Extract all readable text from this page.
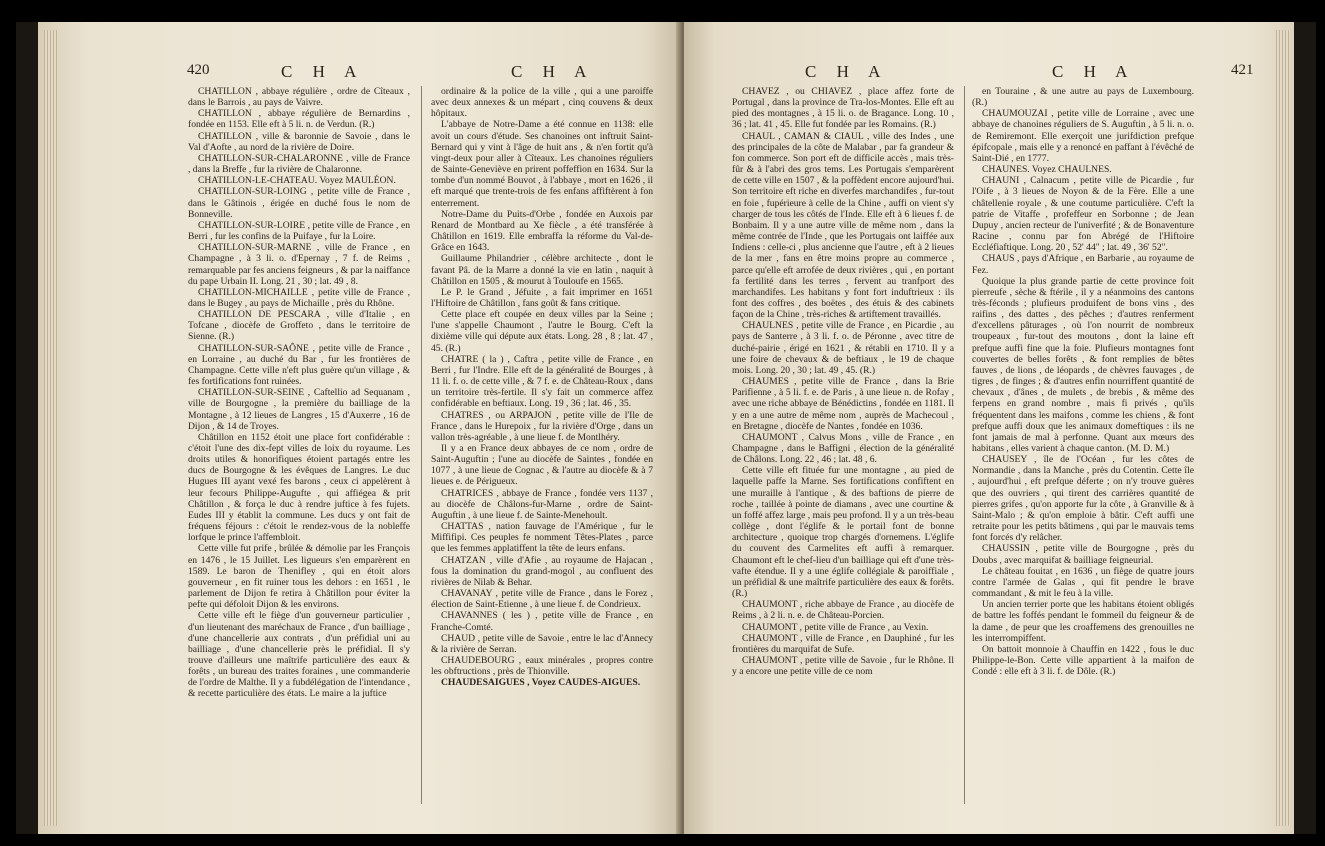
420	C H A	C H A

CHATILLON , abbaye régulière , ordre de Cîteaux , dans le Barrois , au pays de Vaivre.

CHATILLON , abbaye régulière de Bernardins , fondée en 1153. Elle eft à 5 li. n. de Verdun. (R.)

CHATILLON , ville & baronnie de Savoie , dans le Val d'Aofte , au nord de la rivière de Doire.

CHATILLON-SUR-CHALARONNE , ville de France , dans la Breffe , fur la rivière de Chalaronne.

CHATILLON-LE-CHATEAU. Voyez MAULÉON.

CHATILLON-SUR-LOING , petite ville de France , dans le Gâtinois , érigée en duché fous le nom de Bonneville.

CHATILLON-SUR-LOIRE , petite ville de France , en Berri , fur les confins de la Puifaye , fur la Loire.

CHATILLON-SUR-MARNE , ville de France , en Champagne , à 3 li. o. d'Epernay , 7 f. de Reims , remarquable par fes anciens feigneurs , & par la naiffance du pape Urbain II. Long. 21 , 30 ; lat. 49 , 8.

CHATILLON-MICHAILLE , petite ville de France , dans le Bugey , au pays de Michaille , près du Rhône.

CHATILLON DE PESCARA , ville d'Italie , en Tofcane , diocèfe de Groffeto , dans le territoire de Sienne. (R.)

CHATILLON-SUR-SAÔNE , petite ville de France , en Lorraine , au duché du Bar , fur les frontières de Champagne. Cette ville n'eft plus guère qu'un village , & fes fortifications font ruinées.

CHATILLON-SUR-SEINE , Caftellio ad Sequanam , ville de Bourgogne , la première du bailliage de la Montagne , à 12 lieues de Langres , 15 d'Auxerre , 16 de Dijon , & 14 de Troyes.

Châtillon en 1152 étoit une place fort confidérable : c'étoit l'une des dix-fept villes de loix du royaume. Les droits utiles & honorifiques étoient partagés entre les ducs de Bourgogne & les évêques de Langres. Le duc Hugues III ayant vexé fes barons , ceux ci appelèrent à leur fecours Philippe-Augufte , qui affiégea & prit Châtillon , & força le duc à rendre juftice à fes fujets. Eudes III y établit la commune. Les ducs y ont fait de fréquens féjours : c'étoit le rendez-vous de la nobleffe lorfque le prince l'affembloit.

Cette ville fut prife , brûlée & démolie par les François en 1476 , le 15 Juillet. Les ligueurs s'en emparèrent en 1589. Le baron de Thenifley , qui en étoit alors gouverneur , en fit ruiner tous les dehors : en 1651 , le parlement de Dijon fe retira à Châtillon pour éviter la pefte qui défoloit Dijon & les environs.

Cette ville eft le fiège d'un gouverneur particulier , d'un lieutenant des maréchaux de France , d'un bailliage , d'une chancellerie aux contrats , d'un préfidial uni au bailliage , d'une chancellerie près le préfidial. Il s'y trouve d'ailleurs une maîtrife particulière des eaux & forêts , un bureau des traites foraines , une commanderie de l'ordre de Malthe. Il y a fubdélégation de l'intendance , & recette particulière des états. Le maire a la juftice

ordinaire & la police de la ville , qui a une paroiffe avec deux annexes & un mépart , cinq couvens & deux hôpitaux.

L'abbaye de Notre-Dame a été connue en 1138: elle avoit un cours d'étude. Ses chanoines ont inftruit Saint-Bernard qui y vint à l'âge de huit ans , & n'en fortit qu'à vingt-deux pour aller à Cîteaux. Les chanoines réguliers de Sainte-Geneviève en prirent poffeffion en 1634. Sur la tombe d'un nommé Bouvot , à l'abbaye , mort en 1626 , il eft marqué que trente-trois de fes enfans affiftèrent à fon enterrement.

Notre-Dame du Puits-d'Orbe , fondée en Auxois par Renard de Montbard au Xe fiècle , a été transférée à Châtillon en 1619. Elle embraffa la réforme du Val-de-Grâce en 1643.

Guillaume Philandrier , célèbre architecte , dont le favant Pâ. de la Marre a donné la vie en latin , naquit à Châtillon en 1505 , & mourut à Touloufe en 1565.

Le P. le Grand , Jéfuite , a fait imprimer en 1651 l'Hiftoire de Châtillon , fans goût & fans critique.

Cette place eft coupée en deux villes par la Seine ; l'une s'appelle Chaumont , l'autre le Bourg. C'eft la dixième ville qui députe aux états. Long. 28 , 8 ; lat. 47 , 45. (R.)

CHATRE ( la ) , Caftra , petite ville de France , en Berri , fur l'Indre. Elle eft de la généralité de Bourges , à 11 li. f. o. de cette ville , & 7 f. e. de Château-Roux , dans un territoire très-fertile. Il s'y fait un commerce affez confidérable en beftiaux. Long. 19 , 36 ; lat. 46 , 35.

CHATRES , ou ARPAJON , petite ville de l'Ile de France , dans le Hurepoix , fur la rivière d'Orge , dans un vallon très-agréable , à une lieue f. de Montlhéry.

Il y a en France deux abbayes de ce nom , ordre de Saint-Auguftin ; l'une au diocèfe de Saintes , fondée en 1077 , à une lieue de Cognac , & l'autre au diocèfe & à 7 lieues e. de Périgueux.

CHATRICES , abbaye de France , fondée vers 1137 , au diocèfe de Châlons-fur-Marne , ordre de Saint-Auguftin , à une lieue f. de Sainte-Menehoult.

CHATTAS , nation fauvage de l'Amérique , fur le Miffifipi. Ces peuples fe nomment Têtes-Plates , parce que les femmes applatiffent la tête de leurs enfans.

CHATZAN , ville d'Afie , au royaume de Hajacan , fous la domination du grand-mogol , au confluent des rivières de Nilab & Behar.

CHAVANAY , petite ville de France , dans le Forez , élection de Saint-Etienne , à une lieue f. de Condrieux.

CHAVANNES ( les ) , petite ville de France , en Franche-Comté.

CHAUD , petite ville de Savoie , entre le lac d'Annecy & la rivière de Serran.

CHAUDEBOURG , eaux minérales , propres contre les obftructions , près de Thionville.

CHAUDESAIGUES , Voyez CAUDES-AIGUES.

C H A	C H A	421

CHAVEZ , ou CHIAVEZ , place affez forte de Portugal , dans la province de Tra-los-Montes. Elle eft au pied des montagnes , à 15 li. o. de Bragance. Long. 10 , 36 ; lat. 41 , 45. Elle fut fondée par les Romains. (R.)

CHAUL , CAMAN & CIAUL , ville des Indes , une des principales de la côte de Malabar , par fa grandeur & fon commerce. Son port eft de difficile accès , mais très-fûr & à l'abri des gros tems. Les Portugais s'emparèrent de cette ville en 1507 , & la poffèdent encore aujourd'hui. Son territoire eft riche en diverfes marchandifes , fur-tout en foie , fupérieure à celle de la Chine , auffi on vient s'y charger de tous les côtés de l'Inde. Elle eft à 6 lieues f. de Bonbaim. Il y a une autre ville de même nom , dans la même contrée de l'Inde , que les Portugais ont laiffée aux Indiens : celle-ci , plus ancienne que l'autre , eft à 2 lieues de la mer , fans en être moins propre au commerce , parce qu'elle eft arrofée de deux rivières , qui , en portant fa fertilité dans les terres , fervent au tranfport des marchandifes. Les habitans y font fort induftrieux : ils font des coffres , des boëtes , des étuis & des cabinets façon de la Chine , très-riches & artiftement travaillés.

CHAULNES , petite ville de France , en Picardie , au pays de Santerre , à 3 li. f. o. de Péronne , avec titre de duché-pairie , érigé en 1621 , & rétabli en 1710. Il y a une foire de chevaux & de beftiaux , le 19 de chaque mois. Long. 20 , 30 ; lat. 49 , 45. (R.)

CHAUMES , petite ville de France , dans la Brie Parifienne , à 5 li. f. e. de Paris , à une lieue n. de Rofay , avec une riche abbaye de Bénédictins , fondée en 1181. Il y en a une autre de même nom , auprès de Machecoul , en Bretagne , diocèfe de Nantes , fondée en 1036.

CHAUMONT , Calvus Mons , ville de France , en Champagne , dans le Baffigni , élection de la généralité de Châlons. Long. 22 , 46 ; lat. 48 , 6.

Cette ville eft fituée fur une montagne , au pied de laquelle paffe la Marne. Ses fortifications confiftent en une muraille à l'antique , & des baftions de pierre de roche , taillée à pointe de diamans , avec une courtine & un foffé affez large , mais peu profond. Il y a un très-beau collège , dont l'églife & le portail font de bonne architecture , quoique trop chargés d'ornemens. L'églife du couvent des Carmelites eft auffi à remarquer. Chaumont eft le chef-lieu d'un bailliage qui eft d'une très-vafte étendue. Il y a une églife collégiale & paroiffiale , un préfidial & une maîtrife particulière des eaux & forêts. (R.)

CHAUMONT , riche abbaye de France , au diocèfe de Reims , à 2 li. n. e. de Château-Porcien.

CHAUMONT , petite ville de France , au Vexin.

CHAUMONT , ville de France , en Dauphiné , fur les frontières du marquifat de Sufe.

CHAUMONT , petite ville de Savoie , fur le Rhône. Il y a encore une petite ville de ce nom

en Touraine , & une autre au pays de Luxembourg. (R.)

CHAUMOUZAI , petite ville de Lorraine , avec une abbaye de chanoines réguliers de S. Auguftin , à 5 li. n. o. de Remiremont. Elle exerçoit une jurifdiction prefque épifcopale , mais elle y a renoncé en paffant à l'évêché de Saint-Dié , en 1777.

CHAUNES. Voyez CHAULNES.

CHAUNI , Calnacum , petite ville de Picardie , fur l'Oife , à 3 lieues de Noyon & de la Fère. Elle a une châtellenie royale , & une coutume particulière. C'eft la patrie de Vitaffe , profeffeur en Sorbonne ; de Jean Dupuy , ancien recteur de l'univerfité ; & de Bonaventure Racine , connu par fon Abrégé de l'Hiftoire Eccléfiaftique. Long. 20 , 52' 44" ; lat. 49 , 36' 52".

CHAUS , pays d'Afrique , en Barbarie , au royaume de Fez.

Quoique la plus grande partie de cette province foit pierreufe , sèche & ftérile , il y a néanmoins des cantons très-féconds ; plufieurs produifent de bons vins , des raifins , des dattes , des pêches ; d'autres renferment d'excellens pâturages , où l'on nourrit de nombreux troupeaux , fur-tout des moutons , dont la laine eft prefque auffi fine que la foie. Plufieurs montagnes font couvertes de belles forêts , & font remplies de bêtes fauves , de lions , de léopards , de chèvres fauvages , de tigres , de finges ; & d'autres enfin nourriffent quantité de chevaux , d'ânes , de mulets , de brebis , & même des ferpens en grand nombre , mais fi privés , qu'ils fréquentent dans les maifons , comme les chiens , & font prefque auffi doux que les animaux domeftiques : ils ne font jamais de mal à perfonne. Quant aux mœurs des habitans , elles varient à chaque canton. (M. D. M.)

CHAUSEY , île de l'Océan , fur les côtes de Normandie , dans la Manche , près du Cotentin. Cette île , aujourd'hui , eft prefque déferte ; on n'y trouve guères que des ouvriers , qui tirent des carrières quantité de pierres grifes , qu'on apporte fur la côte , à Granville & à Saint-Malo ; & qu'on emploie à bâtir. C'eft auffi une retraite pour les petits bâtimens , qui par le mauvais tems font forcés d'y relâcher.

CHAUSSIN , petite ville de Bourgogne , près du Doubs , avec marquifat & bailliage feigneurial.

Le château fouitat , en 1636 , un fiège de quatre jours contre l'armée de Galas , qui fit pendre le brave commandant , & mit le feu à la ville.

Un ancien terrier porte que les habitans étoient obligés de battre les foffés pendant le fommeil du feigneur & de la dame , de peur que les croaffemens des grenouilles ne les interrompiffent.

On battoit monnoie à Chauffin en 1422 , fous le duc Philippe-le-Bon. Cette ville appartient à la maifon de Condé : elle eft à 3 li. f. de Dôle. (R.)
